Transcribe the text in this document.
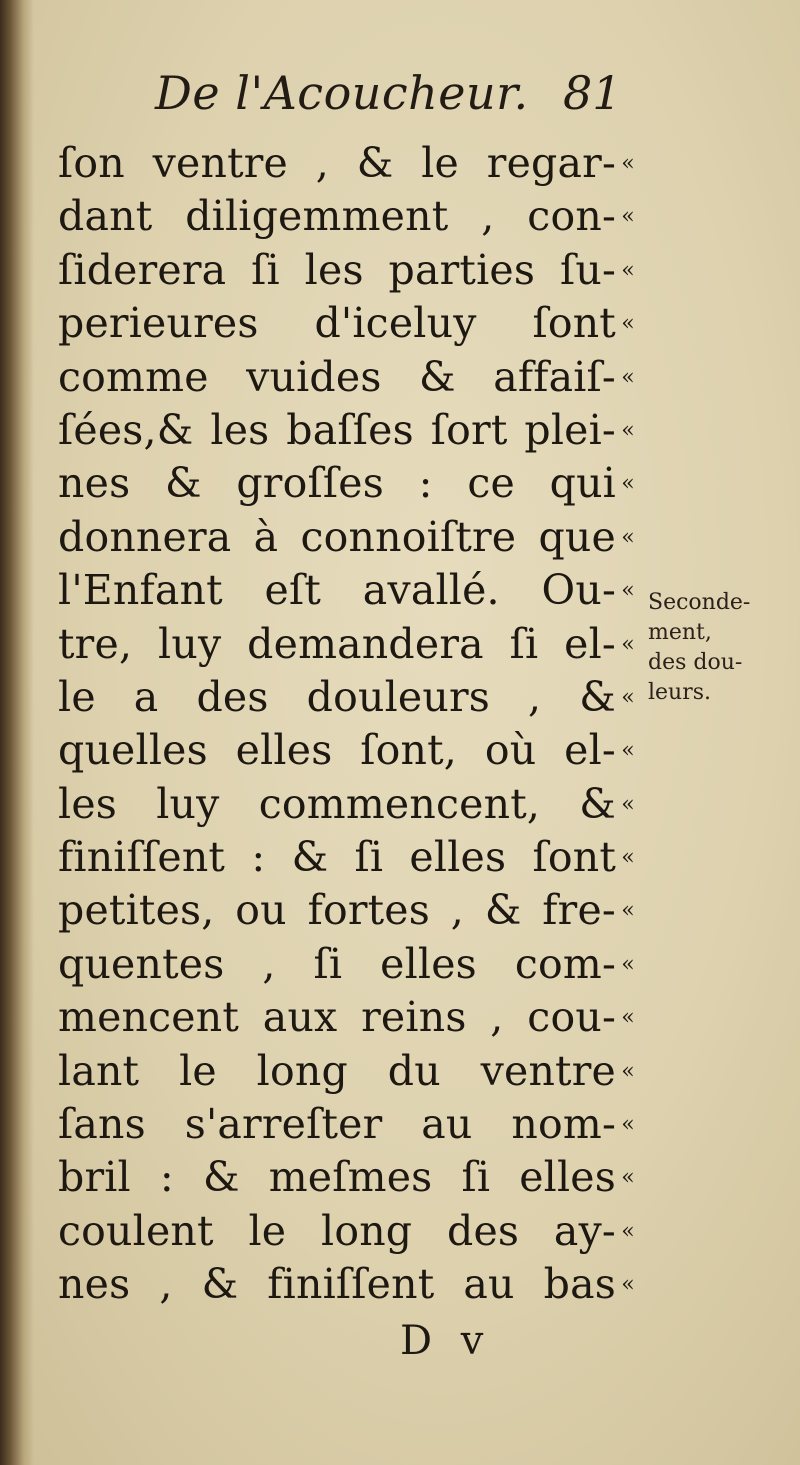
De l'Acoucheur. 81
ſon ventre , & le regar- «
dant diligemment , con- «
ſiderera ſi les parties ſu- «
perieures d'iceluy ſont «
comme vuides & affaiſ- «
ſées,& les baſſes ſort plei- «
nes & groſſes : ce qui «
donnera à connoiſtre que «
l'Enfant eſt avallé. Ou- «
tre, luy demandera ſi el- «
le a des douleurs , & «
quelles elles ſont, où el- «
les luy commencent, & «
finiſſent : & ſi elles ſont «
petites, ou fortes , & fre- «
quentes , ſi elles com- «
mencent aux reins , cou- «
lant le long du ventre «
ſans s'arreſter au nom- «
bril : & meſmes ſi elles «
coulent le long des ay- «
nes , & finiſſent au bas «
Seconde-
ment,
des dou-
leurs.
D v
